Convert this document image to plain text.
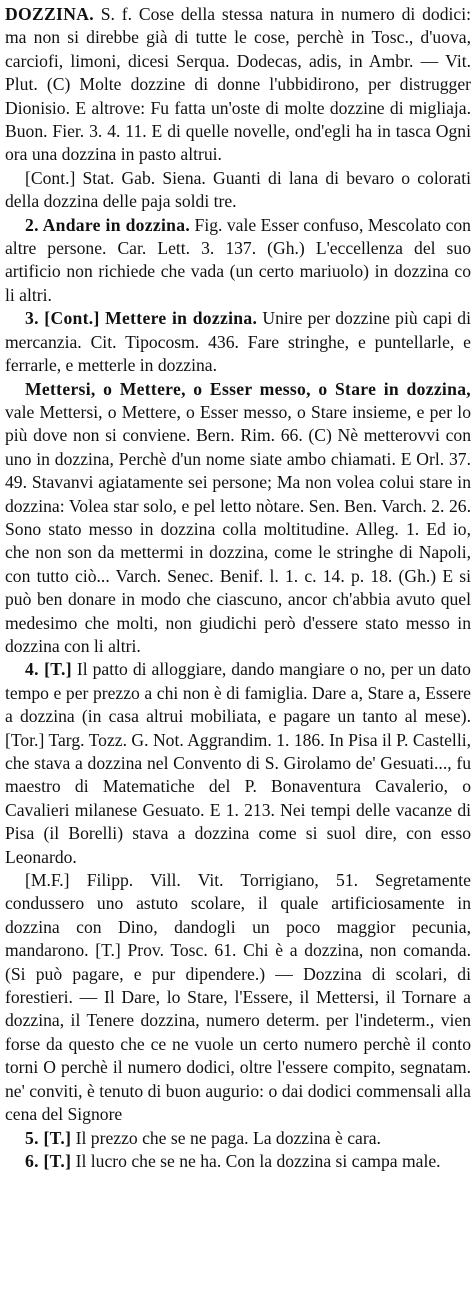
DOZZINA. S. f. Cose della stessa natura in numero di dodici: ma non si direbbe già di tutte le cose, perchè in Tosc., d'uova, carciofi, limoni, dicesi Serqua. Dodecas, adis, in Ambr. — Vit. Plut. (C) Molte dozzine di donne l'ubbidirono, per distrugger Dionisio. E altrove: Fu fatta un'oste di molte dozzine di migliaja. Buon. Fier. 3. 4. 11. E di quelle novelle, ond'egli ha in tasca Ogni ora una dozzina in pasto altrui.

[Cont.] Stat. Gab. Siena. Guanti di lana di bevaro o colorati della dozzina delle paja soldi tre.

2. Andare in dozzina. Fig. vale Esser confuso, Mescolato con altre persone. Car. Lett. 3. 137. (Gh.) L'eccellenza del suo artificio non richiede che vada (un certo mariuolo) in dozzina co li altri.

3. [Cont.] Mettere in dozzina. Unire per dozzine più capi di mercanzia. Cit. Tipocosm. 436. Fare stringhe, e puntellarle, e ferrarle, e metterle in dozzina.

Mettersi, o Mettere, o Esser messo, o Stare in dozzina, vale Mettersi, o Mettere, o Esser messo, o Stare insieme, e per lo più dove non si conviene. Bern. Rim. 66. (C) Nè metterovvi con uno in dozzina, Perchè d'un nome siate ambo chiamati. E Orl. 37. 49. Stavanvi agiatamente sei persone; Ma non volea colui stare in dozzina: Volea star solo, e pel letto nòtare. Sen. Ben. Varch. 2. 26. Sono stato messo in dozzina colla moltitudine. Alleg. 1. Ed io, che non son da mettermi in dozzina, come le stringhe di Napoli, con tutto ciò... Varch. Senec. Benif. l. 1. c. 14. p. 18. (Gh.) E si può ben donare in modo che ciascuno, ancor ch'abbia avuto quel medesimo che molti, non giudichi però d'essere stato messo in dozzina con li altri.

4. [T.] Il patto di alloggiare, dando mangiare o no, per un dato tempo e per prezzo a chi non è di famiglia. Dare a, Stare a, Essere a dozzina (in casa altrui mobiliata, e pagare un tanto al mese). [Tor.] Targ. Tozz. G. Not. Aggrandim. 1. 186. In Pisa il P. Castelli, che stava a dozzina nel Convento di S. Girolamo de' Gesuati..., fu maestro di Matematiche del P. Bonaventura Cavalerio, o Cavalieri milanese Gesuato. E 1. 213. Nei tempi delle vacanze di Pisa (il Borelli) stava a dozzina come si suol dire, con esso Leonardo.

[M.F.] Filipp. Vill. Vit. Torrigiano, 51. Segretamente condussero uno astuto scolare, il quale artificiosamente in dozzina con Dino, dandogli un poco maggior pecunia, mandarono. [T.] Prov. Tosc. 61. Chi è a dozzina, non comanda. (Si può pagare, e pur dipendere.) — Dozzina di scolari, di forestieri. — Il Dare, lo Stare, l'Essere, il Mettersi, il Tornare a dozzina, il Tenere dozzina, numero determ. per l'indeterm., vien forse da questo che ce ne vuole un certo numero perchè il conto torni O perchè il numero dodici, oltre l'essere compito, segnatam. ne' conviti, è tenuto di buon augurio: o dai dodici commensali alla cena del Signore

5. [T.] Il prezzo che se ne paga. La dozzina è cara.

6. [T.] Il lucro che se ne ha. Con la dozzina si campa male.
